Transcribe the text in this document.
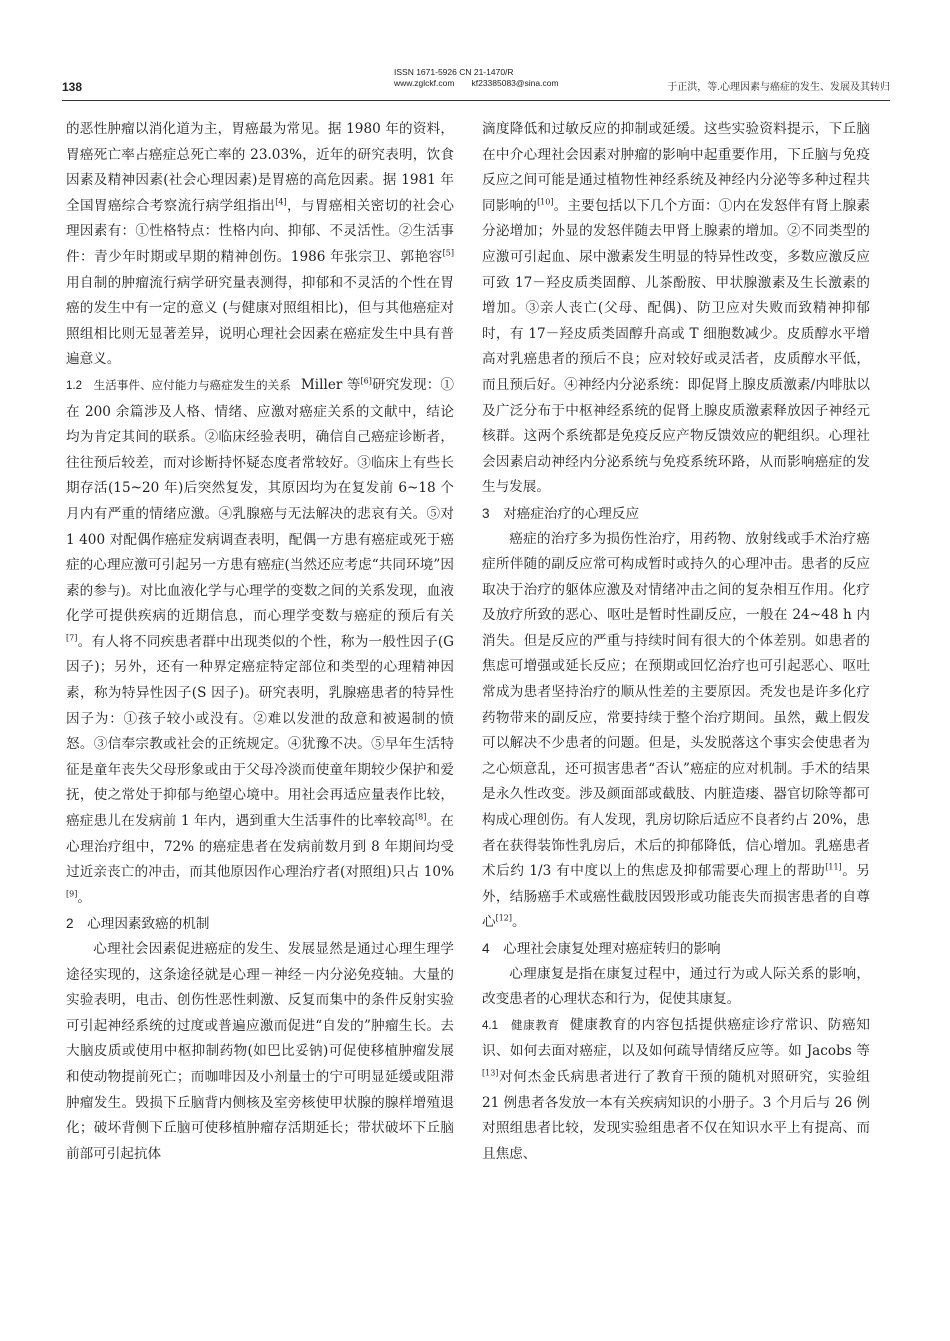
138
ISSN 1671-5926 CN 21-1470/R
www.zglckf.com　　 kf23385083@sina.com	于正洪，等.心理因素与癌症的发生、发展及其转归

的恶性肿瘤以消化道为主，胃癌最为常见。据 1980 年的资料，胃癌死亡率占癌症总死亡率的 23.03%，近年的研究表明，饮食因素及精神因素(社会心理因素)是胃癌的高危因素。据 1981 年全国胃癌综合考察流行病学组指出[4]，与胃癌相关密切的社会心理因素有：①性格特点：性格内向、抑郁、不灵活性。②生活事件：青少年时期或早期的精神创伤。1986 年张宗卫、郭艳容[5]用自制的肿瘤流行病学研究量表测得，抑郁和不灵活的个性在胃癌的发生中有一定的意义 (与健康对照组相比)，但与其他癌症对照组相比则无显著差异，说明心理社会因素在癌症发生中具有普遍意义。

1.2　生活事件、应付能力与癌症发生的关系 Miller 等[6]研究发现：①在 200 余篇涉及人格、情绪、应激对癌症关系的文献中，结论均为肯定其间的联系。②临床经验表明，确信自己癌症诊断者，往往预后较差，而对诊断持怀疑态度者常较好。③临床上有些长期存活(15~20 年)后突然复发，其原因均为在复发前 6~18 个月内有严重的情绪应激。④乳腺癌与无法解决的悲哀有关。⑤对 1 400 对配偶作癌症发病调查表明，配偶一方患有癌症或死于癌症的心理应激可引起另一方患有癌症(当然还应考虑“共同环境”因素的参与)。对比血液化学与心理学的变数之间的关系发现，血液化学可提供疾病的近期信息，而心理学变数与癌症的预后有关[7]。有人将不同疾患者群中出现类似的个性，称为一般性因子(G 因子)；另外，还有一种界定癌症特定部位和类型的心理精神因素，称为特异性因子(S 因子)。研究表明，乳腺癌患者的特异性因子为：①孩子较小或没有。②难以发泄的敌意和被遏制的愤怒。③信奉宗教或社会的正统规定。④犹豫不决。⑤早年生活特征是童年丧失父母形象或由于父母冷淡而使童年期较少保护和爱抚，使之常处于抑郁与绝望心境中。用社会再适应量表作比较，癌症患儿在发病前 1 年内，遇到重大生活事件的比率较高[8]。在心理治疗组中，72% 的癌症患者在发病前数月到 8 年期间均受过近亲丧亡的冲击，而其他原因作心理治疗者(对照组)只占 10%[9]。

2　心理因素致癌的机制

心理社会因素促进癌症的发生、发展显然是通过心理生理学途径实现的，这条途径就是心理－神经－内分泌免疫轴。大量的实验表明，电击、创伤性恶性刺激、反复而集中的条件反射实验可引起神经系统的过度或普遍应激而促进“自发的”肿瘤生长。去大脑皮质或使用中枢抑制药物(如巴比妥钠)可促使移植肿瘤发展和使动物提前死亡；而咖啡因及小剂量士的宁可明显延缓或阻滞肿瘤发生。毁损下丘脑背内侧核及室旁核使甲状腺的腺样增殖退化；破坏背侧下丘脑可使移植肿瘤存活期延长；带状破坏下丘脑前部可引起抗体

滴度降低和过敏反应的抑制或延缓。这些实验资料提示，下丘脑在中介心理社会因素对肿瘤的影响中起重要作用，下丘脑与免疫反应之间可能是通过植物性神经系统及神经内分泌等多种过程共同影响的[10]。主要包括以下几个方面：①内在发怒伴有肾上腺素分泌增加；外显的发怒伴随去甲肾上腺素的增加。②不同类型的应激可引起血、尿中激素发生明显的特异性改变，多数应激反应可致 17－羟皮质类固醇、儿茶酚胺、甲状腺激素及生长激素的增加。③亲人丧亡(父母、配偶)、防卫应对失败而致精神抑郁时，有 17－羟皮质类固醇升高或 T 细胞数减少。皮质醇水平增高对乳癌患者的预后不良；应对较好或灵活者，皮质醇水平低，而且预后好。④神经内分泌系统：即促肾上腺皮质激素/内啡肽以及广泛分布于中枢神经系统的促肾上腺皮质激素释放因子神经元核群。这两个系统都是免疫反应产物反馈效应的靶组织。心理社会因素启动神经内分泌系统与免疫系统环路，从而影响癌症的发生与发展。

3　对癌症治疗的心理反应

癌症的治疗多为损伤性治疗，用药物、放射线或手术治疗癌症所伴随的副反应常可构成暂时或持久的心理冲击。患者的反应取决于治疗的躯体应激及对情绪冲击之间的复杂相互作用。化疗及放疗所致的恶心、呕吐是暂时性副反应，一般在 24~48 h 内消失。但是反应的严重与持续时间有很大的个体差别。如患者的焦虑可增强或延长反应；在预期或回忆治疗也可引起恶心、呕吐常成为患者坚持治疗的顺从性差的主要原因。秃发也是许多化疗药物带来的副反应，常要持续于整个治疗期间。虽然，戴上假发可以解决不少患者的问题。但是，头发脱落这个事实会使患者为之心烦意乱，还可损害患者“否认”癌症的应对机制。手术的结果是永久性改变。涉及颜面部或截肢、内脏造瘘、器官切除等都可构成心理创伤。有人发现，乳房切除后适应不良者约占 20%，患者在获得装饰性乳房后，术后的抑郁降低，信心增加。乳癌患者术后约 1/3 有中度以上的焦虑及抑郁需要心理上的帮助[11]。另外，结肠癌手术或癌性截肢因毁形或功能丧失而损害患者的自尊心[12]。

4　心理社会康复处理对癌症转归的影响

心理康复是指在康复过程中，通过行为或人际关系的影响，改变患者的心理状态和行为，促使其康复。

4.1　健康教育 健康教育的内容包括提供癌症诊疗常识、防癌知识、如何去面对癌症，以及如何疏导情绪反应等。如 Jacobs 等[13]对何杰金氏病患者进行了教育干预的随机对照研究，实验组 21 例患者各发放一本有关疾病知识的小册子。3 个月后与 26 例对照组患者比较，发现实验组患者不仅在知识水平上有提高、而且焦虑、
